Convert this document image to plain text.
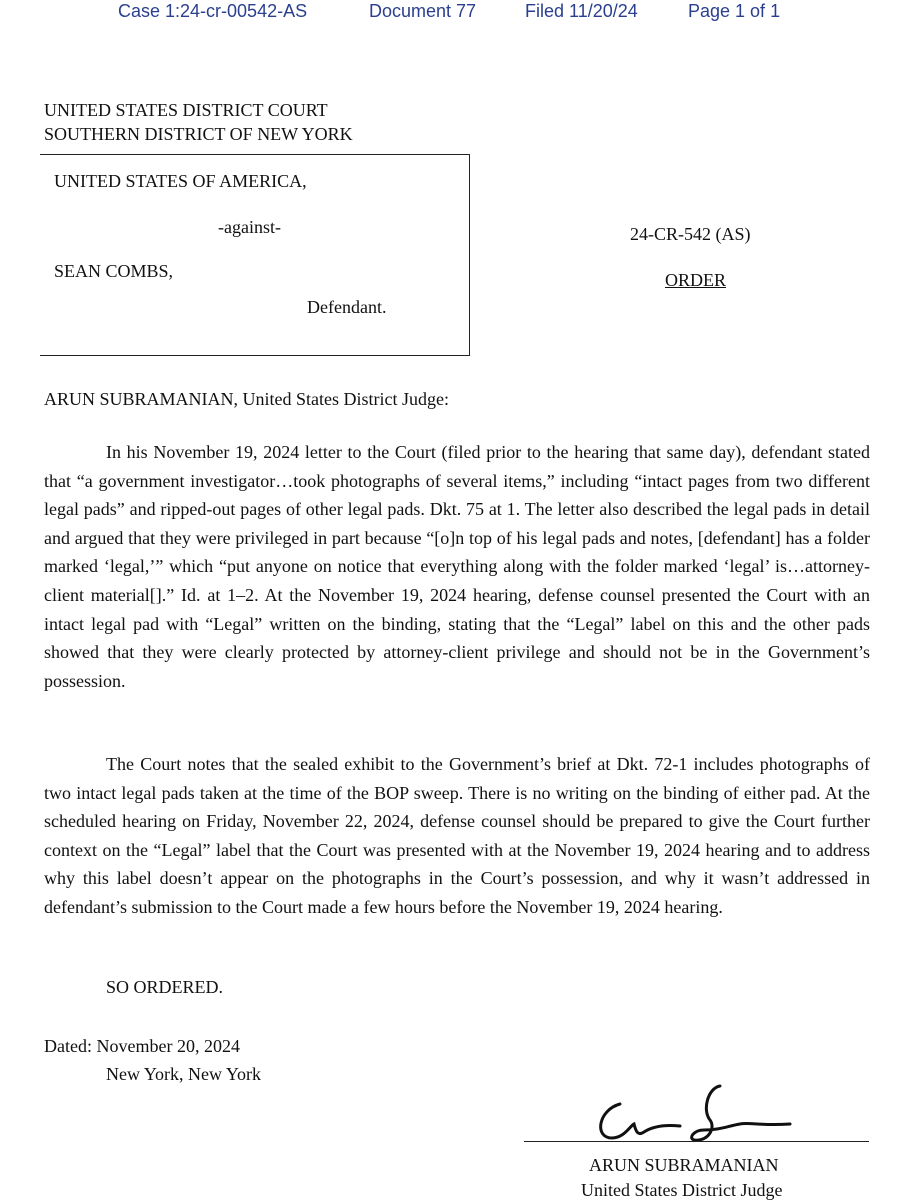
Case 1:24-cr-00542-AS	Document 77	Filed 11/20/24	Page 1 of 1
UNITED STATES DISTRICT COURT
SOUTHERN DISTRICT OF NEW YORK
UNITED STATES OF AMERICA,
-against-
SEAN COMBS,
Defendant.
24-CR-542 (AS)
ORDER
ARUN SUBRAMANIAN, United States District Judge:

In his November 19, 2024 letter to the Court (filed prior to the hearing that same day), defendant stated that “a government investigator…took photographs of several items,” including “intact pages from two different legal pads” and ripped-out pages of other legal pads. Dkt. 75 at 1. The letter also described the legal pads in detail and argued that they were privileged in part because “[o]n top of his legal pads and notes, [defendant] has a folder marked ‘legal,’” which “put anyone on notice that everything along with the folder marked ‘legal’ is…attorney-client material[].” Id. at 1–2. At the November 19, 2024 hearing, defense counsel presented the Court with an intact legal pad with “Legal” written on the binding, stating that the “Legal” label on this and the other pads showed that they were clearly protected by attorney-client privilege and should not be in the Government’s possession.

The Court notes that the sealed exhibit to the Government’s brief at Dkt. 72-1 includes photographs of two intact legal pads taken at the time of the BOP sweep. There is no writing on the binding of either pad. At the scheduled hearing on Friday, November 22, 2024, defense counsel should be prepared to give the Court further context on the “Legal” label that the Court was presented with at the November 19, 2024 hearing and to address why this label doesn’t appear on the photographs in the Court’s possession, and why it wasn’t addressed in defendant’s submission to the Court made a few hours before the November 19, 2024 hearing.

SO ORDERED.
Dated: November 20, 2024
New York, New York
ARUN SUBRAMANIAN
United States District Judge
